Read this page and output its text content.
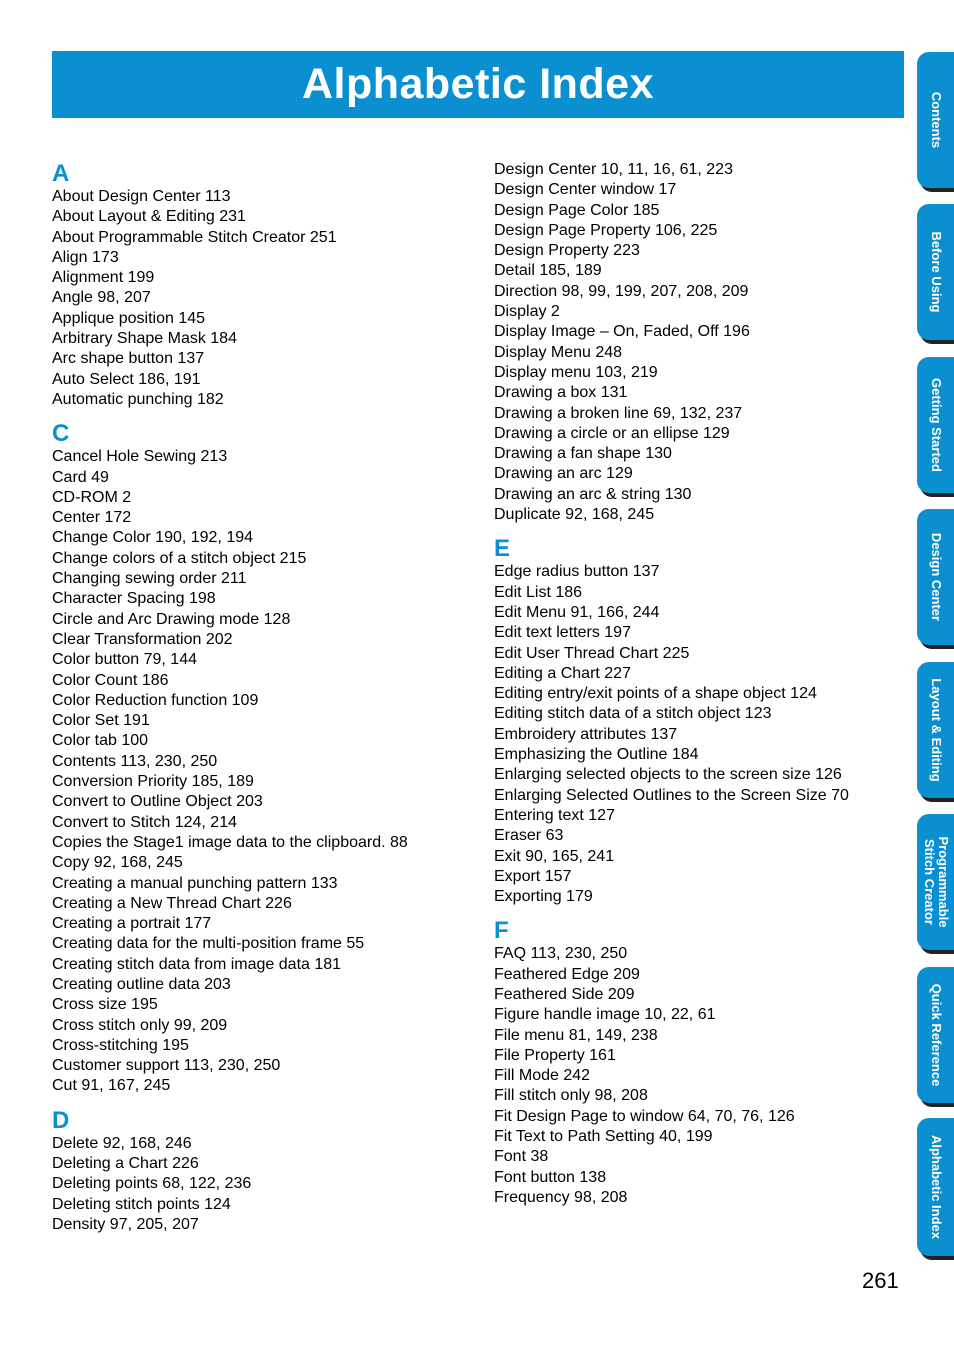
Alphabetic Index
A
About Design Center 113
About Layout & Editing 231
About Programmable Stitch Creator 251
Align 173
Alignment 199
Angle 98, 207
Applique position 145
Arbitrary Shape Mask 184
Arc shape button 137
Auto Select 186, 191
Automatic punching 182
C
Cancel Hole Sewing 213
Card 49
CD-ROM 2
Center 172
Change Color 190, 192, 194
Change colors of a stitch object 215
Changing sewing order 211
Character Spacing 198
Circle and Arc Drawing mode 128
Clear Transformation 202
Color button 79, 144
Color Count 186
Color Reduction function 109
Color Set 191
Color tab 100
Contents 113, 230, 250
Conversion Priority 185, 189
Convert to Outline Object 203
Convert to Stitch 124, 214
Copies the Stage1 image data to the clipboard. 88
Copy 92, 168, 245
Creating a manual punching pattern 133
Creating a New Thread Chart 226
Creating a portrait 177
Creating data for the multi-position frame 55
Creating stitch data from image data 181
Creating outline data 203
Cross size 195
Cross stitch only 99, 209
Cross-stitching 195
Customer support 113, 230, 250
Cut 91, 167, 245
D
Delete 92, 168, 246
Deleting a Chart 226
Deleting points 68, 122, 236
Deleting stitch points 124
Density 97, 205, 207
Design Center 10, 11, 16, 61, 223
Design Center window 17
Design Page Color 185
Design Page Property 106, 225
Design Property 223
Detail 185, 189
Direction 98, 99, 199, 207, 208, 209
Display 2
Display Image – On, Faded, Off 196
Display Menu 248
Display menu 103, 219
Drawing a box 131
Drawing a broken line 69, 132, 237
Drawing a circle or an ellipse 129
Drawing a fan shape 130
Drawing an arc 129
Drawing an arc & string 130
Duplicate 92, 168, 245
E
Edge radius button 137
Edit List 186
Edit Menu 91, 166, 244
Edit text letters 197
Edit User Thread Chart 225
Editing a Chart 227
Editing entry/exit points of a shape object 124
Editing stitch data of a stitch object 123
Embroidery attributes 137
Emphasizing the Outline 184
Enlarging selected objects to the screen size 126
Enlarging Selected Outlines to the Screen Size 70
Entering text 127
Eraser 63
Exit 90, 165, 241
Export 157
Exporting 179
F
FAQ 113, 230, 250
Feathered Edge 209
Feathered Side 209
Figure handle image 10, 22, 61
File menu 81, 149, 238
File Property 161
Fill Mode 242
Fill stitch only 98, 208
Fit Design Page to window 64, 70, 76, 126
Fit Text to Path Setting 40, 199
Font 38
Font button 138
Frequency 98, 208
Contents
Before Using
Getting Started
Design Center
Layout & Editing
Programmable
Stitch Creator
Quick Reference
Alphabetic Index
261
